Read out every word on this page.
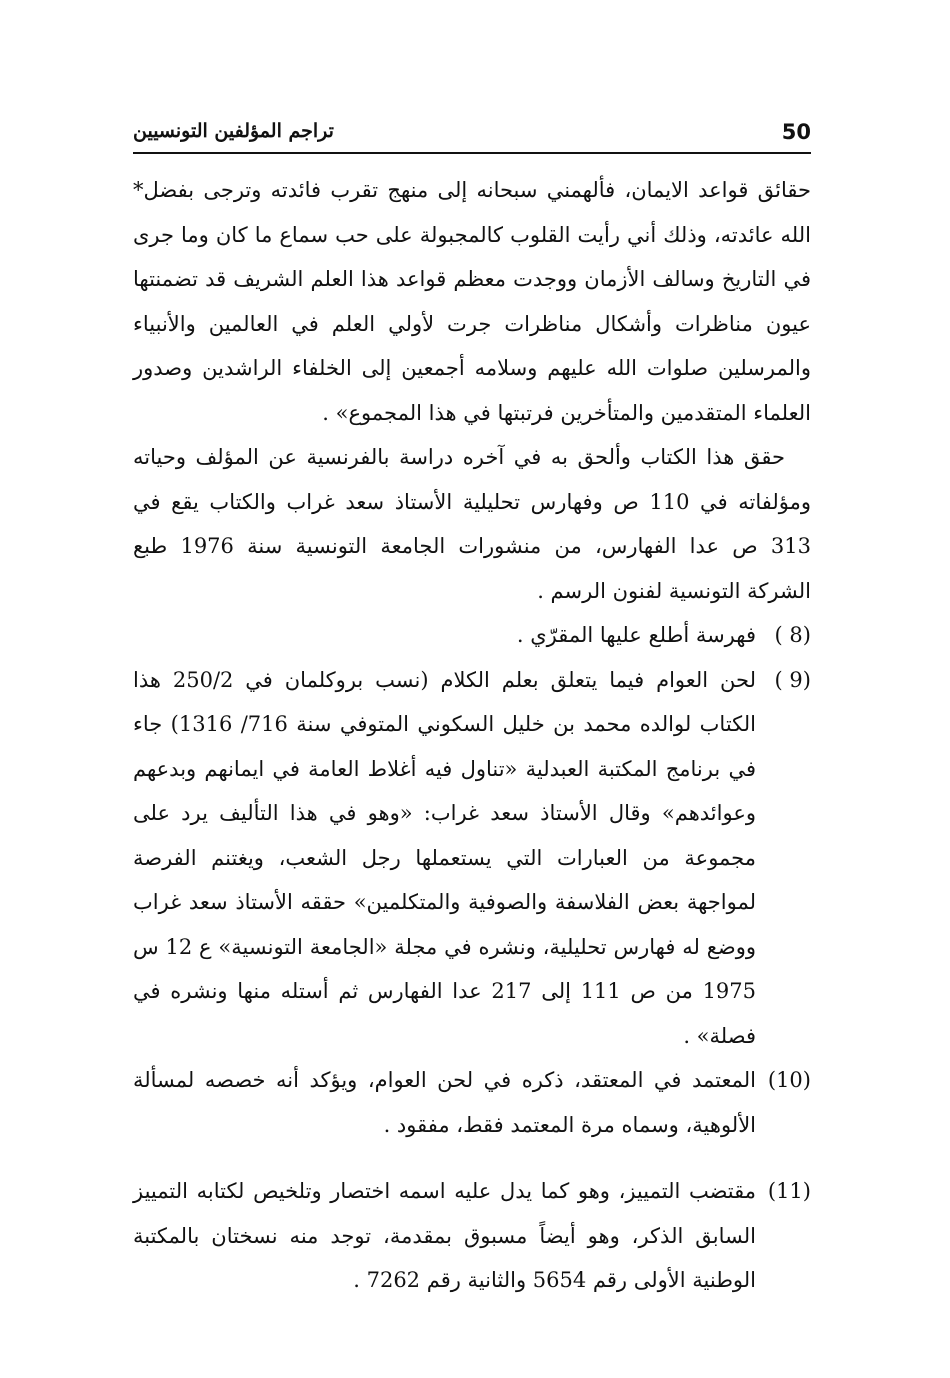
50
تراجم المؤلفين التونسيين

حقائق قواعد الايمان، فألهمني سبحانه إلى منهج تقرب فائدته وترجى بفضل* الله عائدته، وذلك أني رأيت القلوب كالمجبولة على حب سماع ما كان وما جرى في التاريخ وسالف الأزمان ووجدت معظم قواعد هذا العلم الشريف قد تضمنتها عيون مناظرات وأشكال مناظرات جرت لأولي العلم في العالمين والأنبياء والمرسلين صلوات الله عليهم وسلامه أجمعين إلى الخلفاء الراشدين وصدور العلماء المتقدمين والمتأخرين فرتبتها في هذا المجموع» .

حقق هذا الكتاب وألحق به في آخره دراسة بالفرنسية عن المؤلف وحياته ومؤلفاته في 110 ص وفهارس تحليلية الأستاذ سعد غراب والكتاب يقع في 313 ص عدا الفهارس، من منشورات الجامعة التونسية سنة 1976 طبع الشركة التونسية لفنون الرسم .

(8 )
فهرسة أطلع عليها المقرّي .
(9 )
لحن العوام فيما يتعلق بعلم الكلام (نسب بروكلمان في 250/2 هذا الكتاب لوالده محمد بن خليل السكوني المتوفي سنة 716/ 1316) جاء في برنامج المكتبة العبدلية «تناول فيه أغلاط العامة في ايمانهم وبدعهم وعوائدهم» وقال الأستاذ سعد غراب: «وهو في هذا التأليف يرد على مجموعة من العبارات التي يستعملها رجل الشعب، ويغتنم الفرصة لمواجهة بعض الفلاسفة والصوفية والمتكلمين» حققه الأستاذ سعد غراب ووضع له فهارس تحليلية، ونشره في مجلة «الجامعة التونسية» ع 12 س 1975 من ص 111 إلى 217 عدا الفهارس ثم أستله منها ونشره في فصلة» .
(10)
المعتمد في المعتقد، ذكره في لحن العوام، ويؤكد أنه خصصه لمسألة الألوهية، وسماه مرة المعتمد فقط، مفقود .
(11)
مقتضب التمييز، وهو كما يدل عليه اسمه اختصار وتلخيص لكتابه التمييز السابق الذكر، وهو أيضاً مسبوق بمقدمة، توجد منه نسختان بالمكتبة الوطنية الأولى رقم 5654 والثانية رقم 7262 .
